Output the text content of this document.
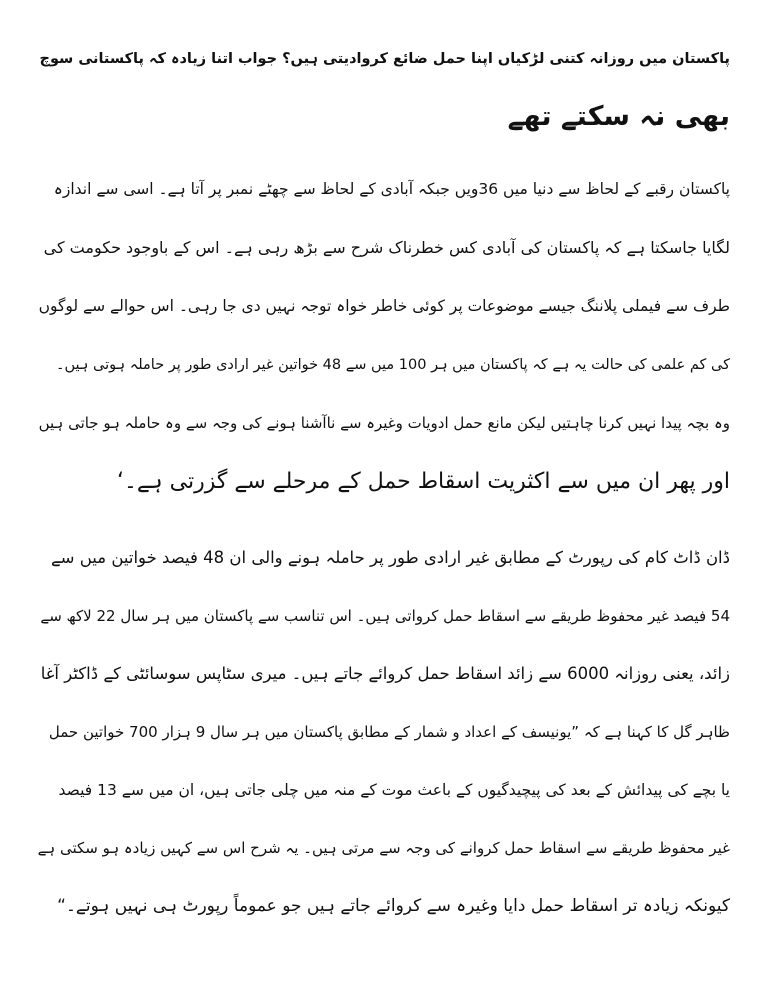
پاکستان میں روزانہ کتنی لڑکیاں اپنا حمل ضائع کروادیتی ہیں؟ جواب اتنا زیادہ کہ پاکستانی سوچ
بھی نہ سکتے تھے

پاکستان رقبے کے لحاظ سے دنیا میں 36ویں جبکہ آبادی کے لحاظ سے چھٹے نمبر پر آتا ہے۔ اسی سے اندازہ
لگایا جاسکتا ہے کہ پاکستان کی آبادی کس خطرناک شرح سے بڑھ رہی ہے۔ اس کے باوجود حکومت کی
طرف سے فیملی پلاننگ جیسے موضوعات پر کوئی خاطر خواہ توجہ نہیں دی جا رہی۔ اس حوالے سے لوگوں
کی کم علمی کی حالت یہ ہے کہ پاکستان میں ہر 100 میں سے 48 خواتین غیر ارادی طور پر حاملہ ہوتی ہیں۔
وہ بچہ پیدا نہیں کرنا چاہتیں لیکن مانع حمل ادویات وغیرہ سے ناآشنا ہونے کی وجہ سے وہ حاملہ ہو جاتی ہیں
اور پھر ان میں سے اکثریت اسقاط حمل کے مرحلے سے گزرتی ہے۔‘

ڈان ڈاٹ کام کی رپورٹ کے مطابق غیر ارادی طور پر حاملہ ہونے والی ان 48 فیصد خواتین میں سے
54 فیصد غیر محفوظ طریقے سے اسقاط حمل کرواتی ہیں۔ اس تناسب سے پاکستان میں ہر سال 22 لاکھ سے
زائد، یعنی روزانہ 6000 سے زائد اسقاط حمل کروائے جاتے ہیں۔ میری سٹاپس سوسائٹی کے ڈاکٹر آغا
ظاہر گل کا کہنا ہے کہ ”یونیسف کے اعداد و شمار کے مطابق پاکستان میں ہر سال 9 ہزار 700 خواتین حمل
یا بچے کی پیدائش کے بعد کی پیچیدگیوں کے باعث موت کے منہ میں چلی جاتی ہیں، ان میں سے 13 فیصد
غیر محفوظ طریقے سے اسقاط حمل کروانے کی وجہ سے مرتی ہیں۔ یہ شرح اس سے کہیں زیادہ ہو سکتی ہے
کیونکہ زیادہ تر اسقاط حمل دایا وغیرہ سے کروائے جاتے ہیں جو عموماً رپورٹ ہی نہیں ہوتے۔“
